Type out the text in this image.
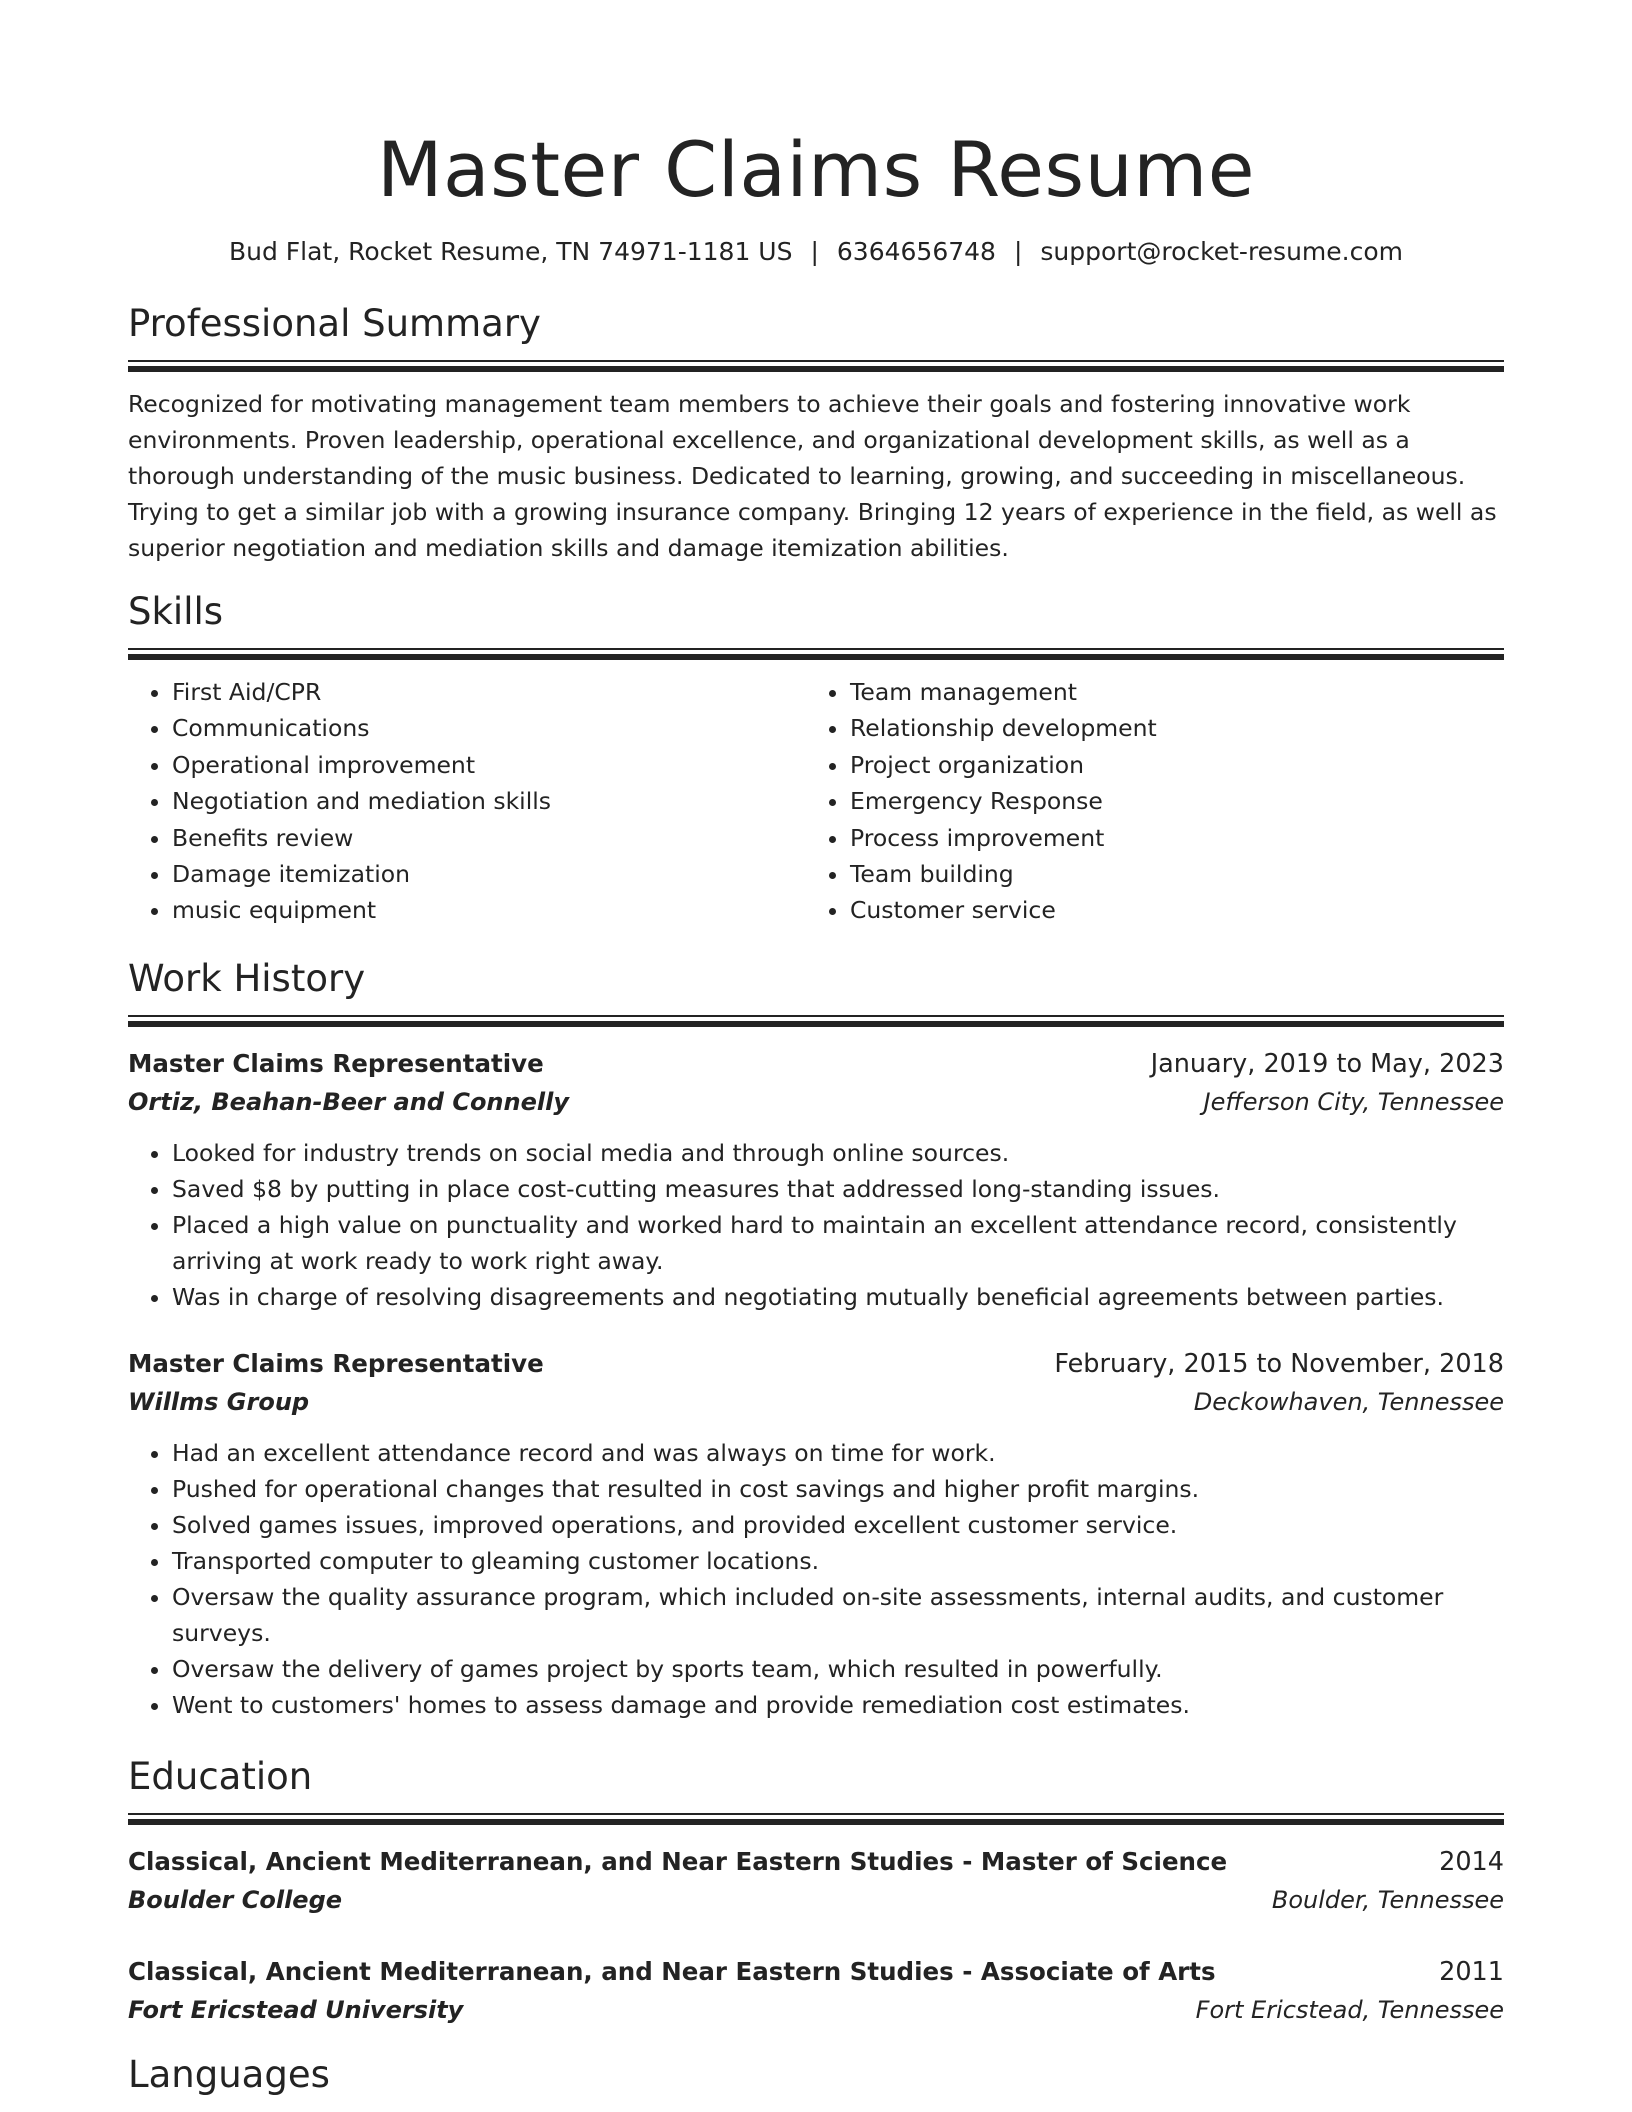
Master Claims Resume
Bud Flat, Rocket Resume, TN 74971-1181 US | 6364656748 | support@rocket-resume.com
Professional Summary
Recognized for motivating management team members to achieve their goals and fostering innovative work environments. Proven leadership, operational excellence, and organizational development skills, as well as a thorough understanding of the music business. Dedicated to learning, growing, and succeeding in miscellaneous. Trying to get a similar job with a growing insurance company. Bringing 12 years of experience in the field, as well as superior negotiation and mediation skills and damage itemization abilities.
Skills
• First Aid/CPR
• Communications
• Operational improvement
• Negotiation and mediation skills
• Benefits review
• Damage itemization
• music equipment
• Team management
• Relationship development
• Project organization
• Emergency Response
• Process improvement
• Team building
• Customer service
Work History
Master Claims Representative	January, 2019 to May, 2023
Ortiz, Beahan-Beer and Connelly	Jefferson City, Tennessee
• Looked for industry trends on social media and through online sources.
• Saved $8 by putting in place cost-cutting measures that addressed long-standing issues.
• Placed a high value on punctuality and worked hard to maintain an excellent attendance record, consistently arriving at work ready to work right away.
• Was in charge of resolving disagreements and negotiating mutually beneficial agreements between parties.
Master Claims Representative	February, 2015 to November, 2018
Willms Group	Deckowhaven, Tennessee
• Had an excellent attendance record and was always on time for work.
• Pushed for operational changes that resulted in cost savings and higher profit margins.
• Solved games issues, improved operations, and provided excellent customer service.
• Transported computer to gleaming customer locations.
• Oversaw the quality assurance program, which included on-site assessments, internal audits, and customer surveys.
• Oversaw the delivery of games project by sports team, which resulted in powerfully.
• Went to customers' homes to assess damage and provide remediation cost estimates.
Education
Classical, Ancient Mediterranean, and Near Eastern Studies - Master of Science	2014
Boulder College	Boulder, Tennessee
Classical, Ancient Mediterranean, and Near Eastern Studies - Associate of Arts	2011
Fort Ericstead University	Fort Ericstead, Tennessee
Languages
